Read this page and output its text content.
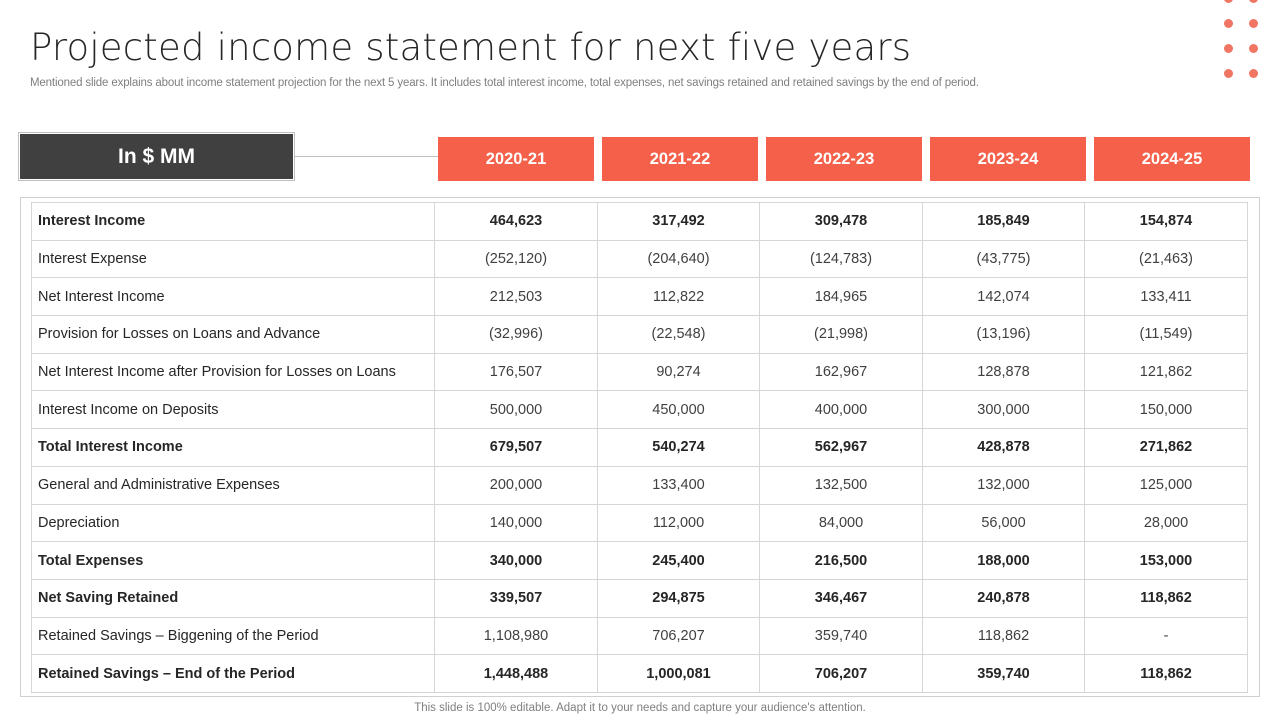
Projected income statement for next five years
Mentioned slide explains about income statement projection for the next 5 years. It includes total interest income, total expenses, net savings retained and retained savings by the end of period.
In $ MM	2020-21	2021-22	2022-23	2023-24	2024-25
Interest Income	464,623	317,492	309,478	185,849	154,874
Interest Expense	(252,120)	(204,640)	(124,783)	(43,775)	(21,463)
Net Interest Income	212,503	112,822	184,965	142,074	133,411
Provision for Losses on Loans and Advance	(32,996)	(22,548)	(21,998)	(13,196)	(11,549)
Net Interest Income after Provision for Losses on Loans	176,507	90,274	162,967	128,878	121,862
Interest Income on Deposits	500,000	450,000	400,000	300,000	150,000
Total Interest Income	679,507	540,274	562,967	428,878	271,862
General and Administrative Expenses	200,000	133,400	132,500	132,000	125,000
Depreciation	140,000	112,000	84,000	56,000	28,000
Total Expenses	340,000	245,400	216,500	188,000	153,000
Net Saving Retained	339,507	294,875	346,467	240,878	118,862
Retained Savings – Biggening of the Period	1,108,980	706,207	359,740	118,862	-
Retained Savings – End of the Period	1,448,488	1,000,081	706,207	359,740	118,862
This slide is 100% editable. Adapt it to your needs and capture your audience's attention.
